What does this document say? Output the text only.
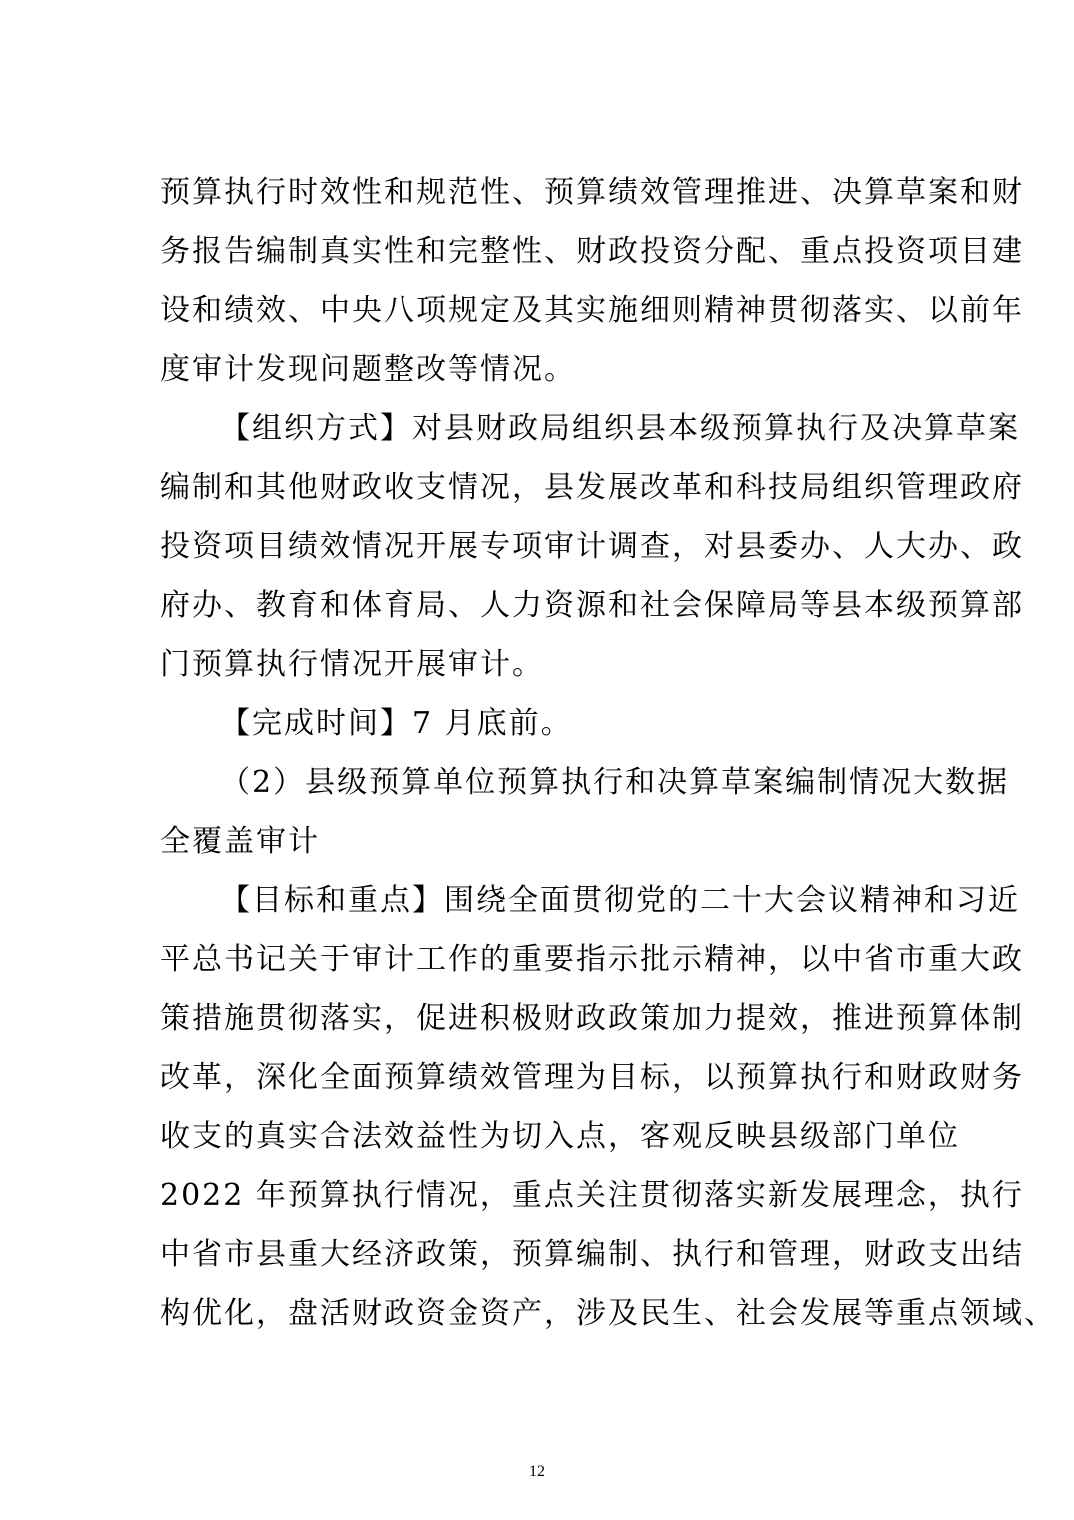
预算执行时效性和规范性、预算绩效管理推进、决算草案和财
务报告编制真实性和完整性、财政投资分配、重点投资项目建
设和绩效、中央八项规定及其实施细则精神贯彻落实、以前年
度审计发现问题整改等情况。
【组织方式】对县财政局组织县本级预算执行及决算草案
编制和其他财政收支情况，县发展改革和科技局组织管理政府
投资项目绩效情况开展专项审计调查，对县委办、人大办、政
府办、教育和体育局、人力资源和社会保障局等县本级预算部
门预算执行情况开展审计。
【完成时间】7 月底前。
（2）县级预算单位预算执行和决算草案编制情况大数据
全覆盖审计
【目标和重点】围绕全面贯彻党的二十大会议精神和习近
平总书记关于审计工作的重要指示批示精神，以中省市重大政
策措施贯彻落实，促进积极财政政策加力提效，推进预算体制
改革，深化全面预算绩效管理为目标，以预算执行和财政财务
收支的真实合法效益性为切入点，客观反映县级部门单位
2022 年预算执行情况，重点关注贯彻落实新发展理念，执行
中省市县重大经济政策，预算编制、执行和管理，财政支出结
构优化，盘活财政资金资产，涉及民生、社会发展等重点领域、
12
